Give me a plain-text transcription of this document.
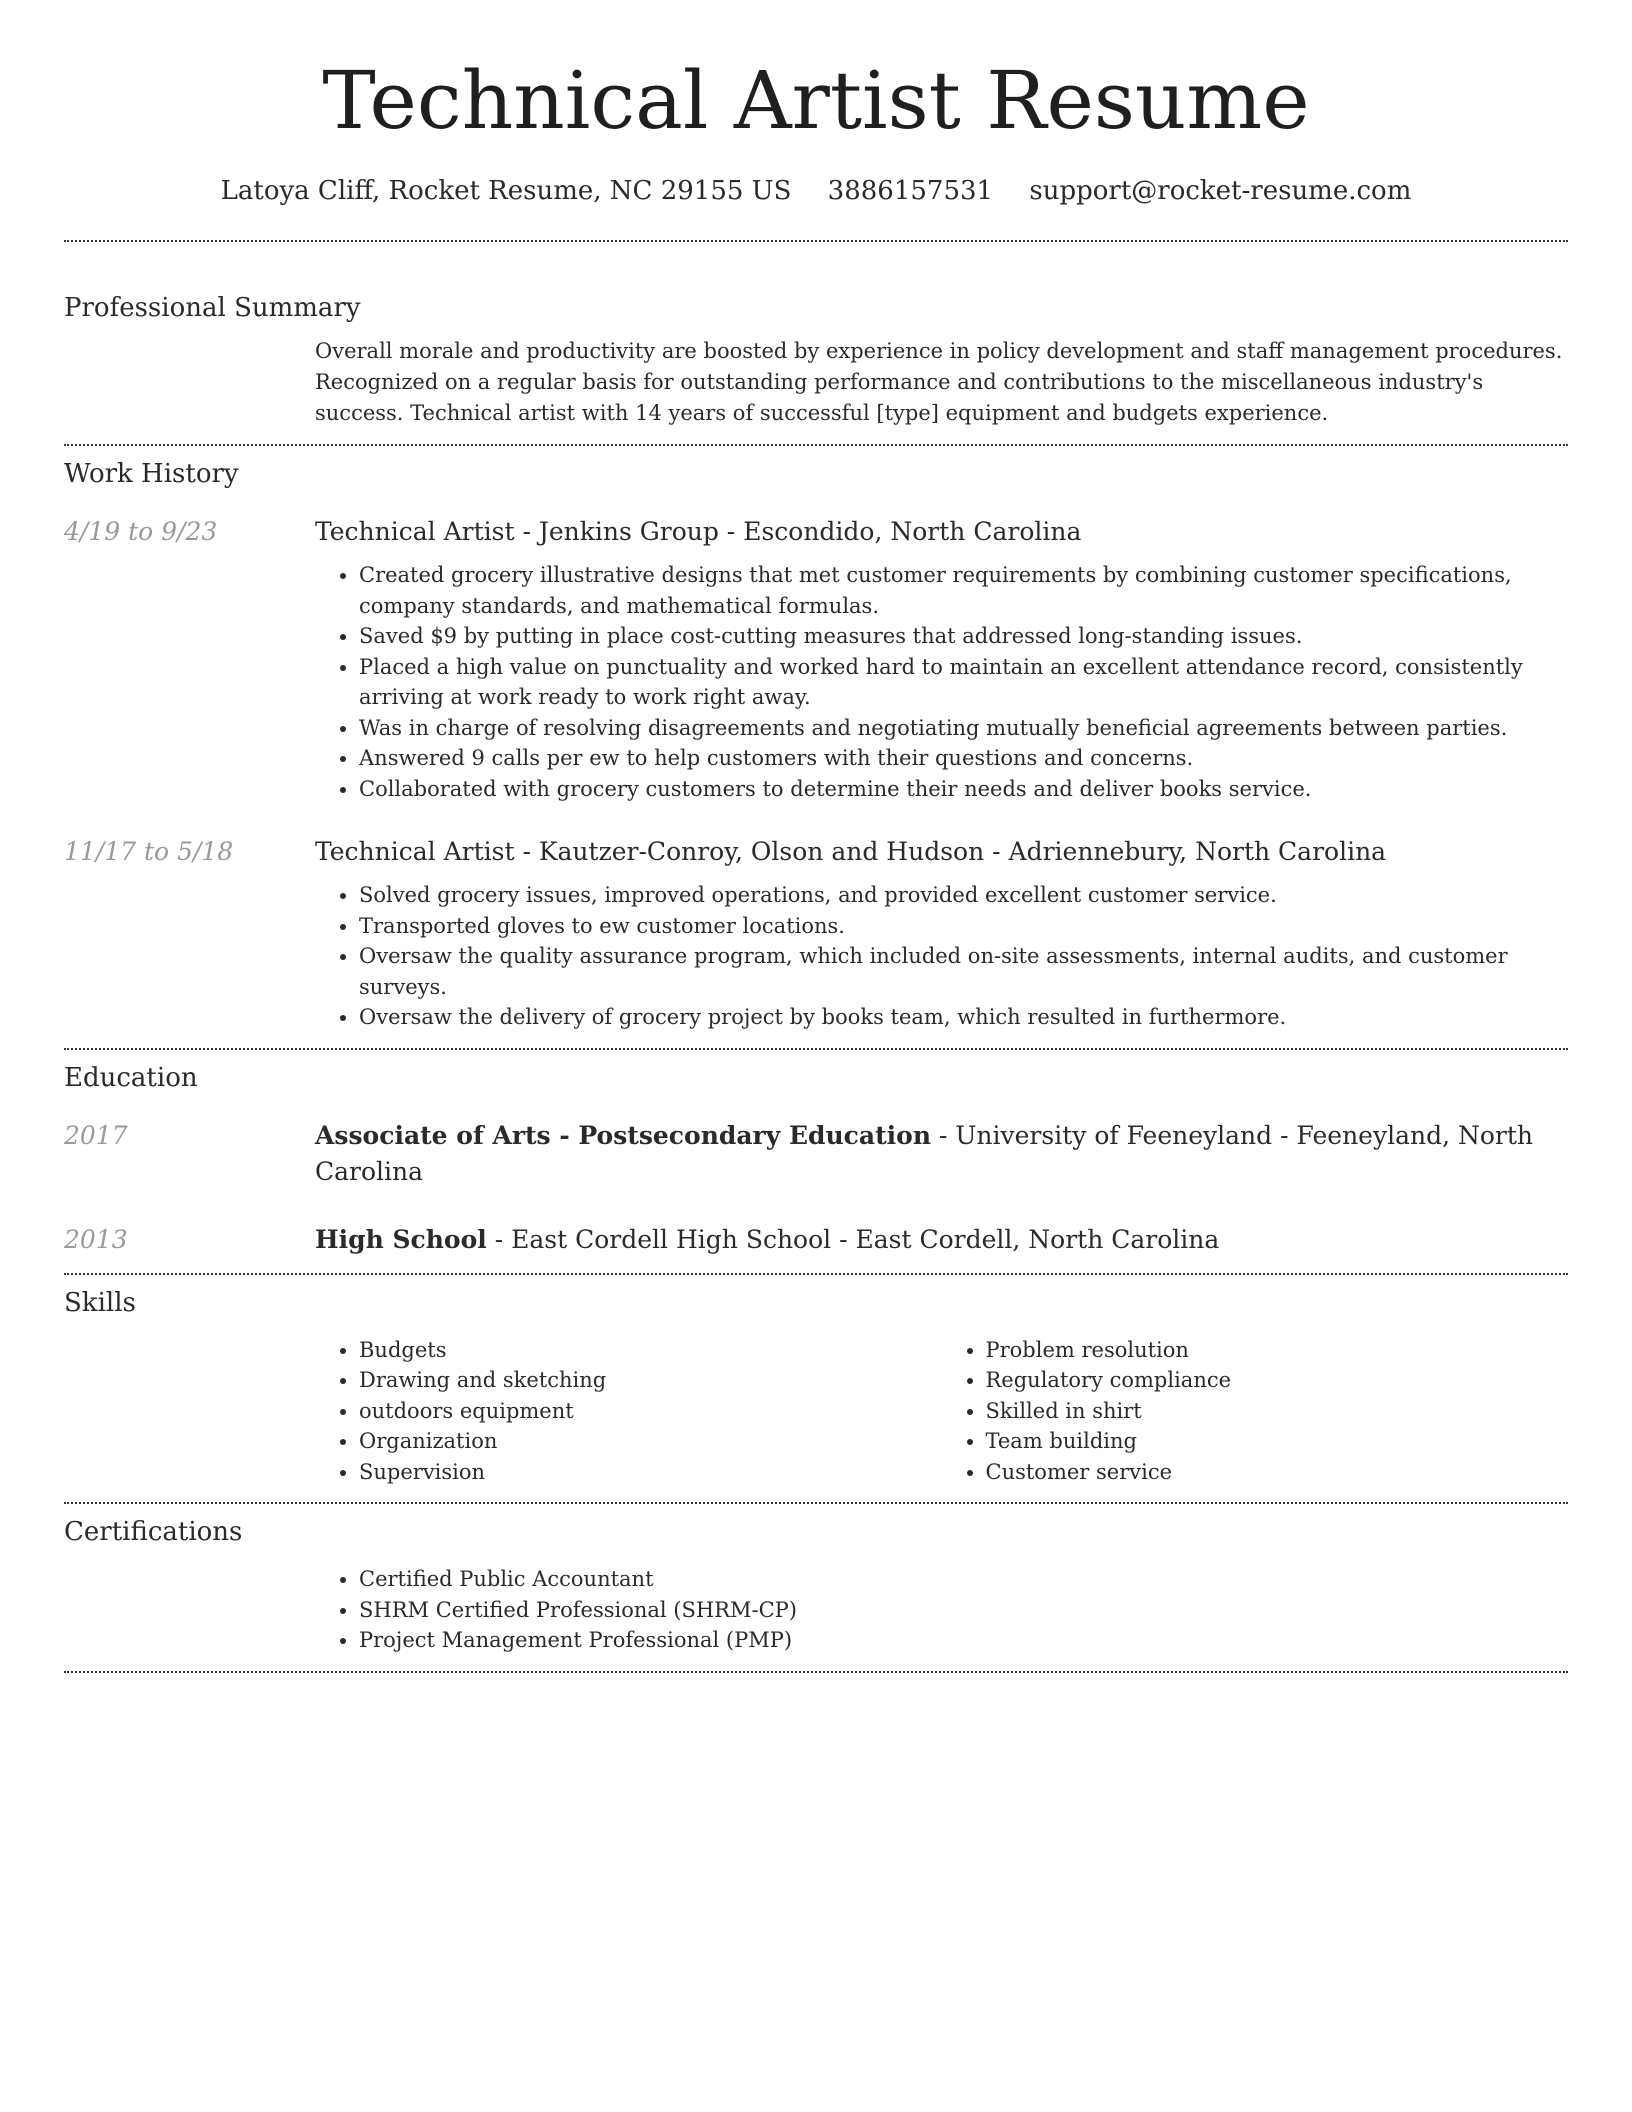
Technical Artist Resume
Latoya Cliff, Rocket Resume, NC 29155 US 3886157531 support@rocket-resume.com
Professional Summary
Overall morale and productivity are boosted by experience in policy development and staff management procedures. Recognized on a regular basis for outstanding performance and contributions to the miscellaneous industry's success. Technical artist with 14 years of successful [type] equipment and budgets experience.
Work History
4/19 to 9/23	Technical Artist - Jenkins Group - Escondido, North Carolina
• Created grocery illustrative designs that met customer requirements by combining customer specifications, company standards, and mathematical formulas.
• Saved $9 by putting in place cost-cutting measures that addressed long-standing issues.
• Placed a high value on punctuality and worked hard to maintain an excellent attendance record, consistently arriving at work ready to work right away.
• Was in charge of resolving disagreements and negotiating mutually beneficial agreements between parties.
• Answered 9 calls per ew to help customers with their questions and concerns.
• Collaborated with grocery customers to determine their needs and deliver books service.
11/17 to 5/18	Technical Artist - Kautzer-Conroy, Olson and Hudson - Adriennebury, North Carolina
• Solved grocery issues, improved operations, and provided excellent customer service.
• Transported gloves to ew customer locations.
• Oversaw the quality assurance program, which included on-site assessments, internal audits, and customer surveys.
• Oversaw the delivery of grocery project by books team, which resulted in furthermore.
Education
2017	Associate of Arts - Postsecondary Education - University of Feeneyland - Feeneyland, North Carolina
2013	High School - East Cordell High School - East Cordell, North Carolina
Skills
• Budgets
• Drawing and sketching
• outdoors equipment
• Organization
• Supervision
• Problem resolution
• Regulatory compliance
• Skilled in shirt
• Team building
• Customer service
Certifications
• Certified Public Accountant
• SHRM Certified Professional (SHRM-CP)
• Project Management Professional (PMP)
